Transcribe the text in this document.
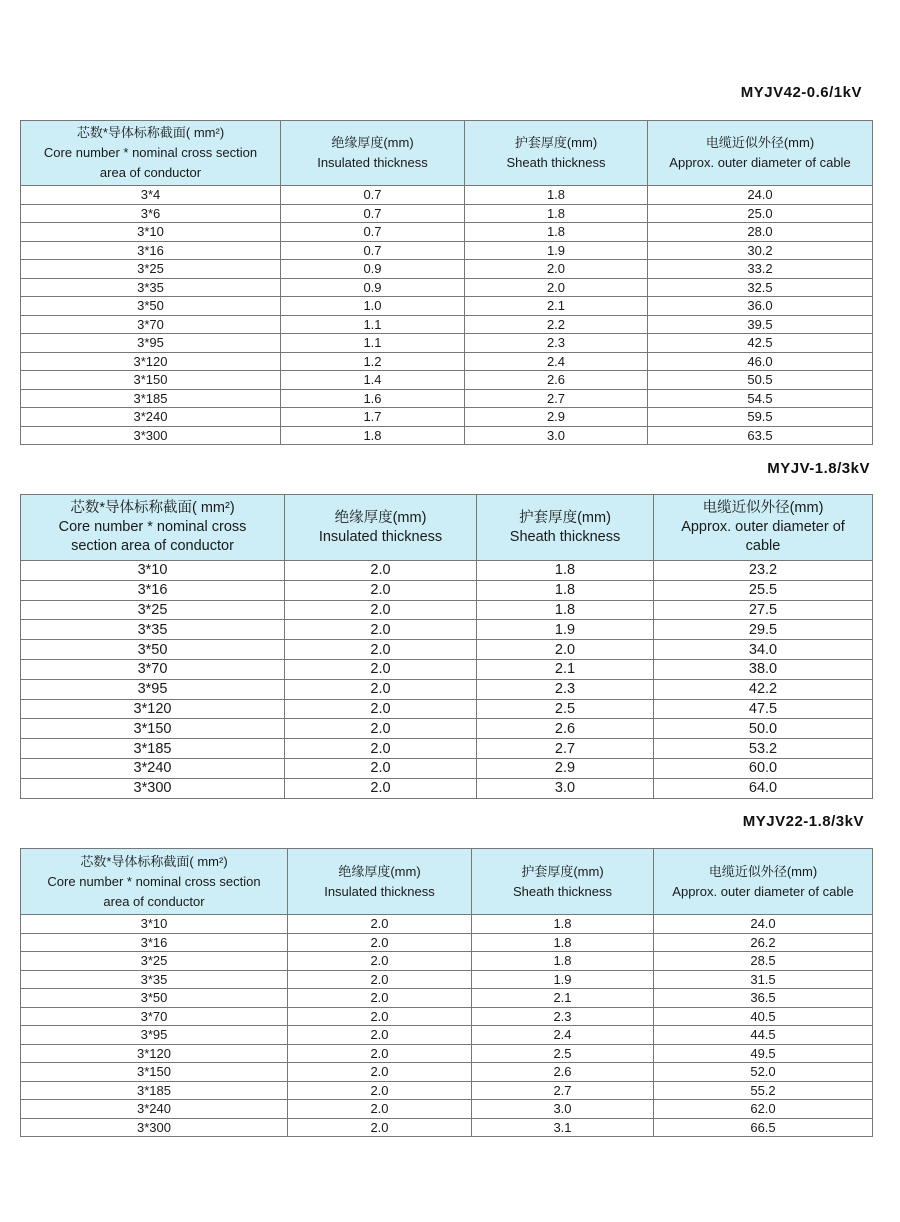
MYJV42-0.6/1kV
芯数*导体标称截面( mm²)
Core number * nominal cross section
area of conductor	绝缘厚度(mm)
Insulated thickness	护套厚度(mm)
Sheath thickness	电缆近似外径(mm)
Approx. outer diameter of cable

3*4	0.7	1.8	24.0
3*6	0.7	1.8	25.0
3*10	0.7	1.8	28.0
3*16	0.7	1.9	30.2
3*25	0.9	2.0	33.2
3*35	0.9	2.0	32.5
3*50	1.0	2.1	36.0
3*70	1.1	2.2	39.5
3*95	1.1	2.3	42.5
3*120	1.2	2.4	46.0
3*150	1.4	2.6	50.5
3*185	1.6	2.7	54.5
3*240	1.7	2.9	59.5
3*300	1.8	3.0	63.5
MYJV-1.8/3kV
芯数*导体标称截面( mm²)
Core number * nominal cross
section area of conductor	绝缘厚度(mm)
Insulated thickness	护套厚度(mm)
Sheath thickness	电缆近似外径(mm)
Approx. outer diameter of
cable

3*10	2.0	1.8	23.2
3*16	2.0	1.8	25.5
3*25	2.0	1.8	27.5
3*35	2.0	1.9	29.5
3*50	2.0	2.0	34.0
3*70	2.0	2.1	38.0
3*95	2.0	2.3	42.2
3*120	2.0	2.5	47.5
3*150	2.0	2.6	50.0
3*185	2.0	2.7	53.2
3*240	2.0	2.9	60.0
3*300	2.0	3.0	64.0
MYJV22-1.8/3kV
芯数*导体标称截面( mm²)
Core number * nominal cross section
area of conductor	绝缘厚度(mm)
Insulated thickness	护套厚度(mm)
Sheath thickness	电缆近似外径(mm)
Approx. outer diameter of cable

3*10	2.0	1.8	24.0
3*16	2.0	1.8	26.2
3*25	2.0	1.8	28.5
3*35	2.0	1.9	31.5
3*50	2.0	2.1	36.5
3*70	2.0	2.3	40.5
3*95	2.0	2.4	44.5
3*120	2.0	2.5	49.5
3*150	2.0	2.6	52.0
3*185	2.0	2.7	55.2
3*240	2.0	3.0	62.0
3*300	2.0	3.1	66.5
